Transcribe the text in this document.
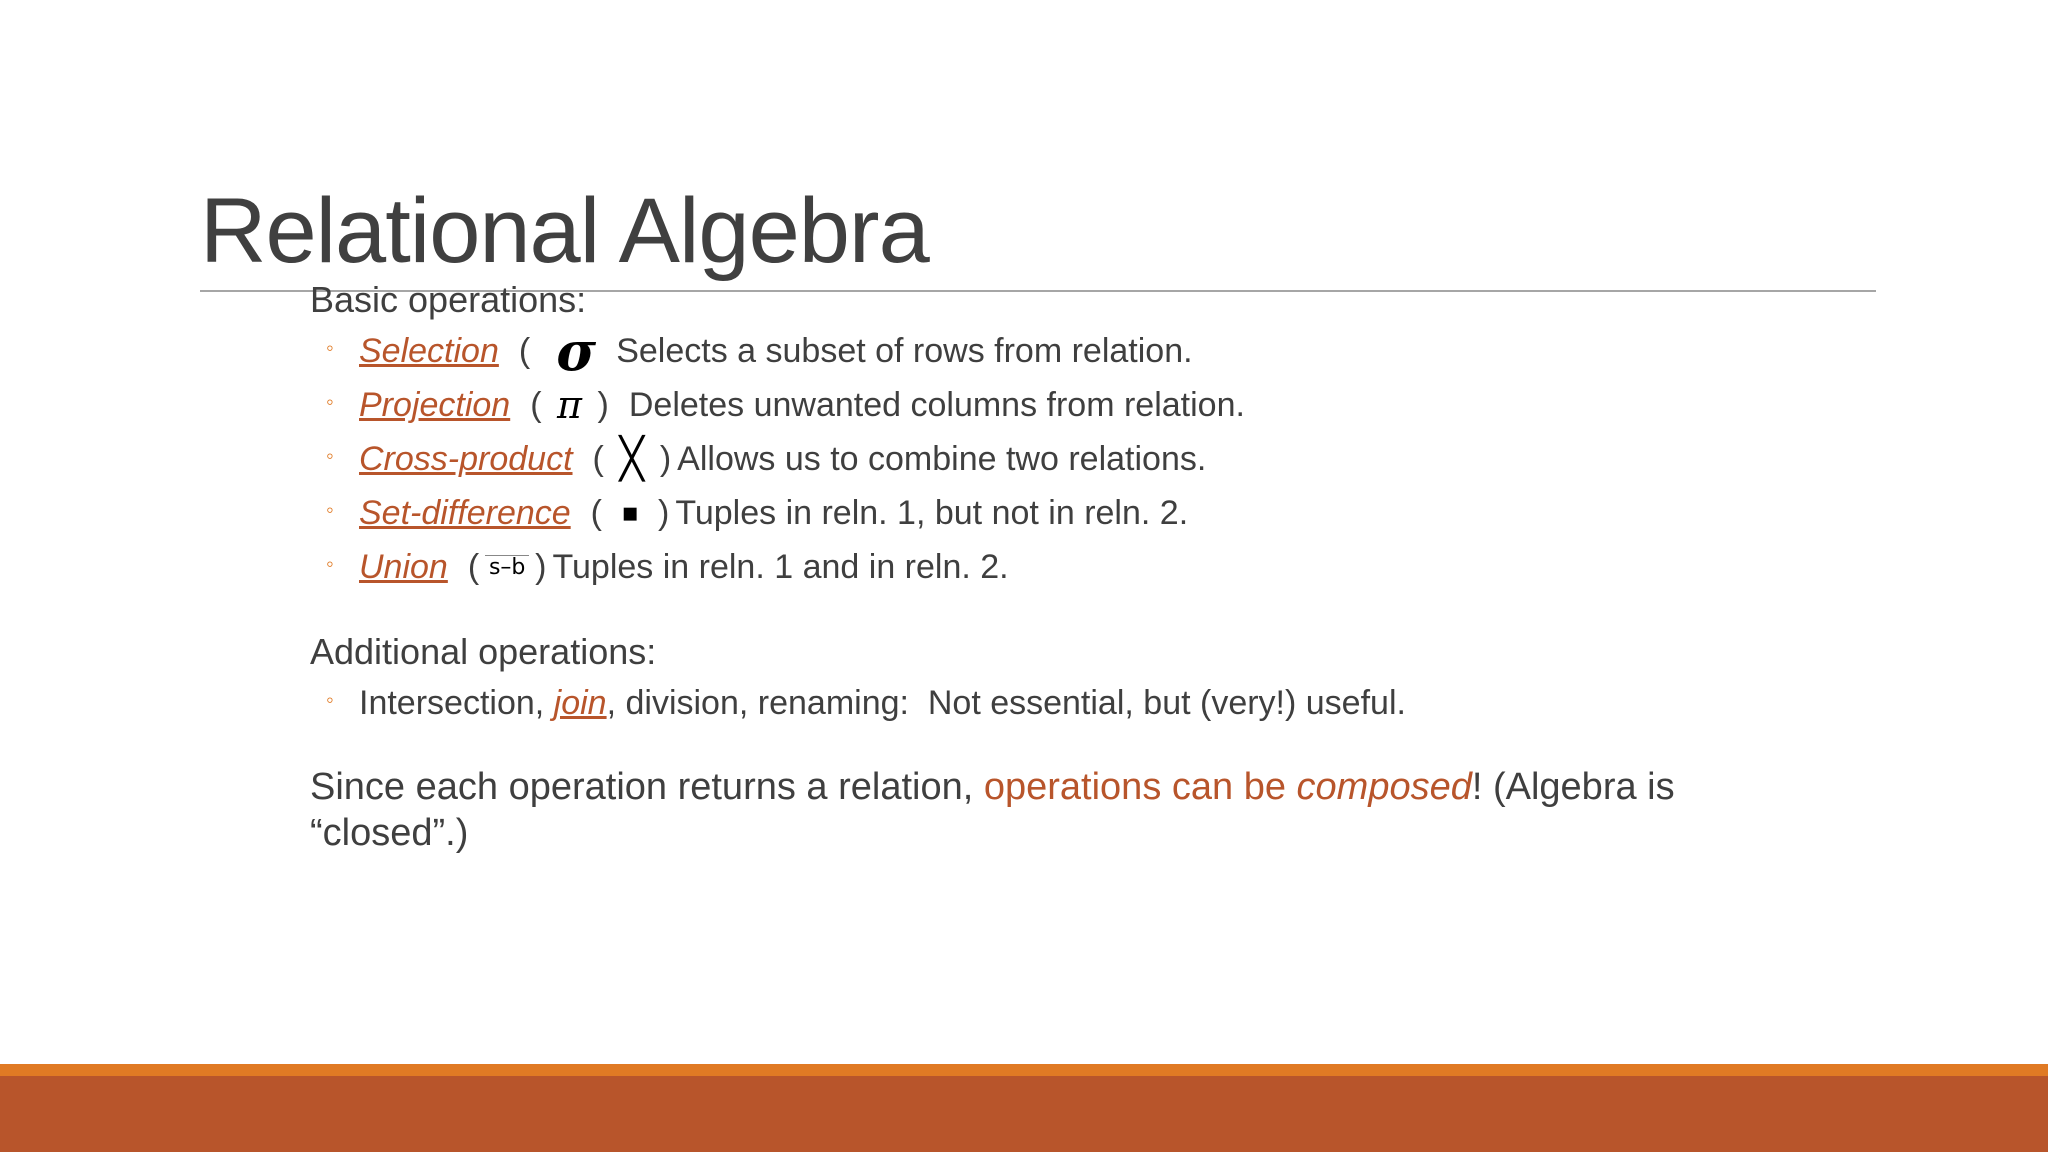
Relational Algebra
Basic operations:
◦ Selection ( σ Selects a subset of rows from relation.
◦ Projection ( π ) Deletes unwanted columns from relation.
◦ Cross-product ( ╳ ) Allows us to combine two relations.
◦ Set-difference ( ▪ ) Tuples in reln. 1, but not in reln. 2.
◦ Union ( s–b ) Tuples in reln. 1 and in reln. 2.
Additional operations:
◦ Intersection, join , division, renaming:  Not essential, but (very!) useful.
Since each operation returns a relation, operations can be composed! (Algebra is “closed”.)
